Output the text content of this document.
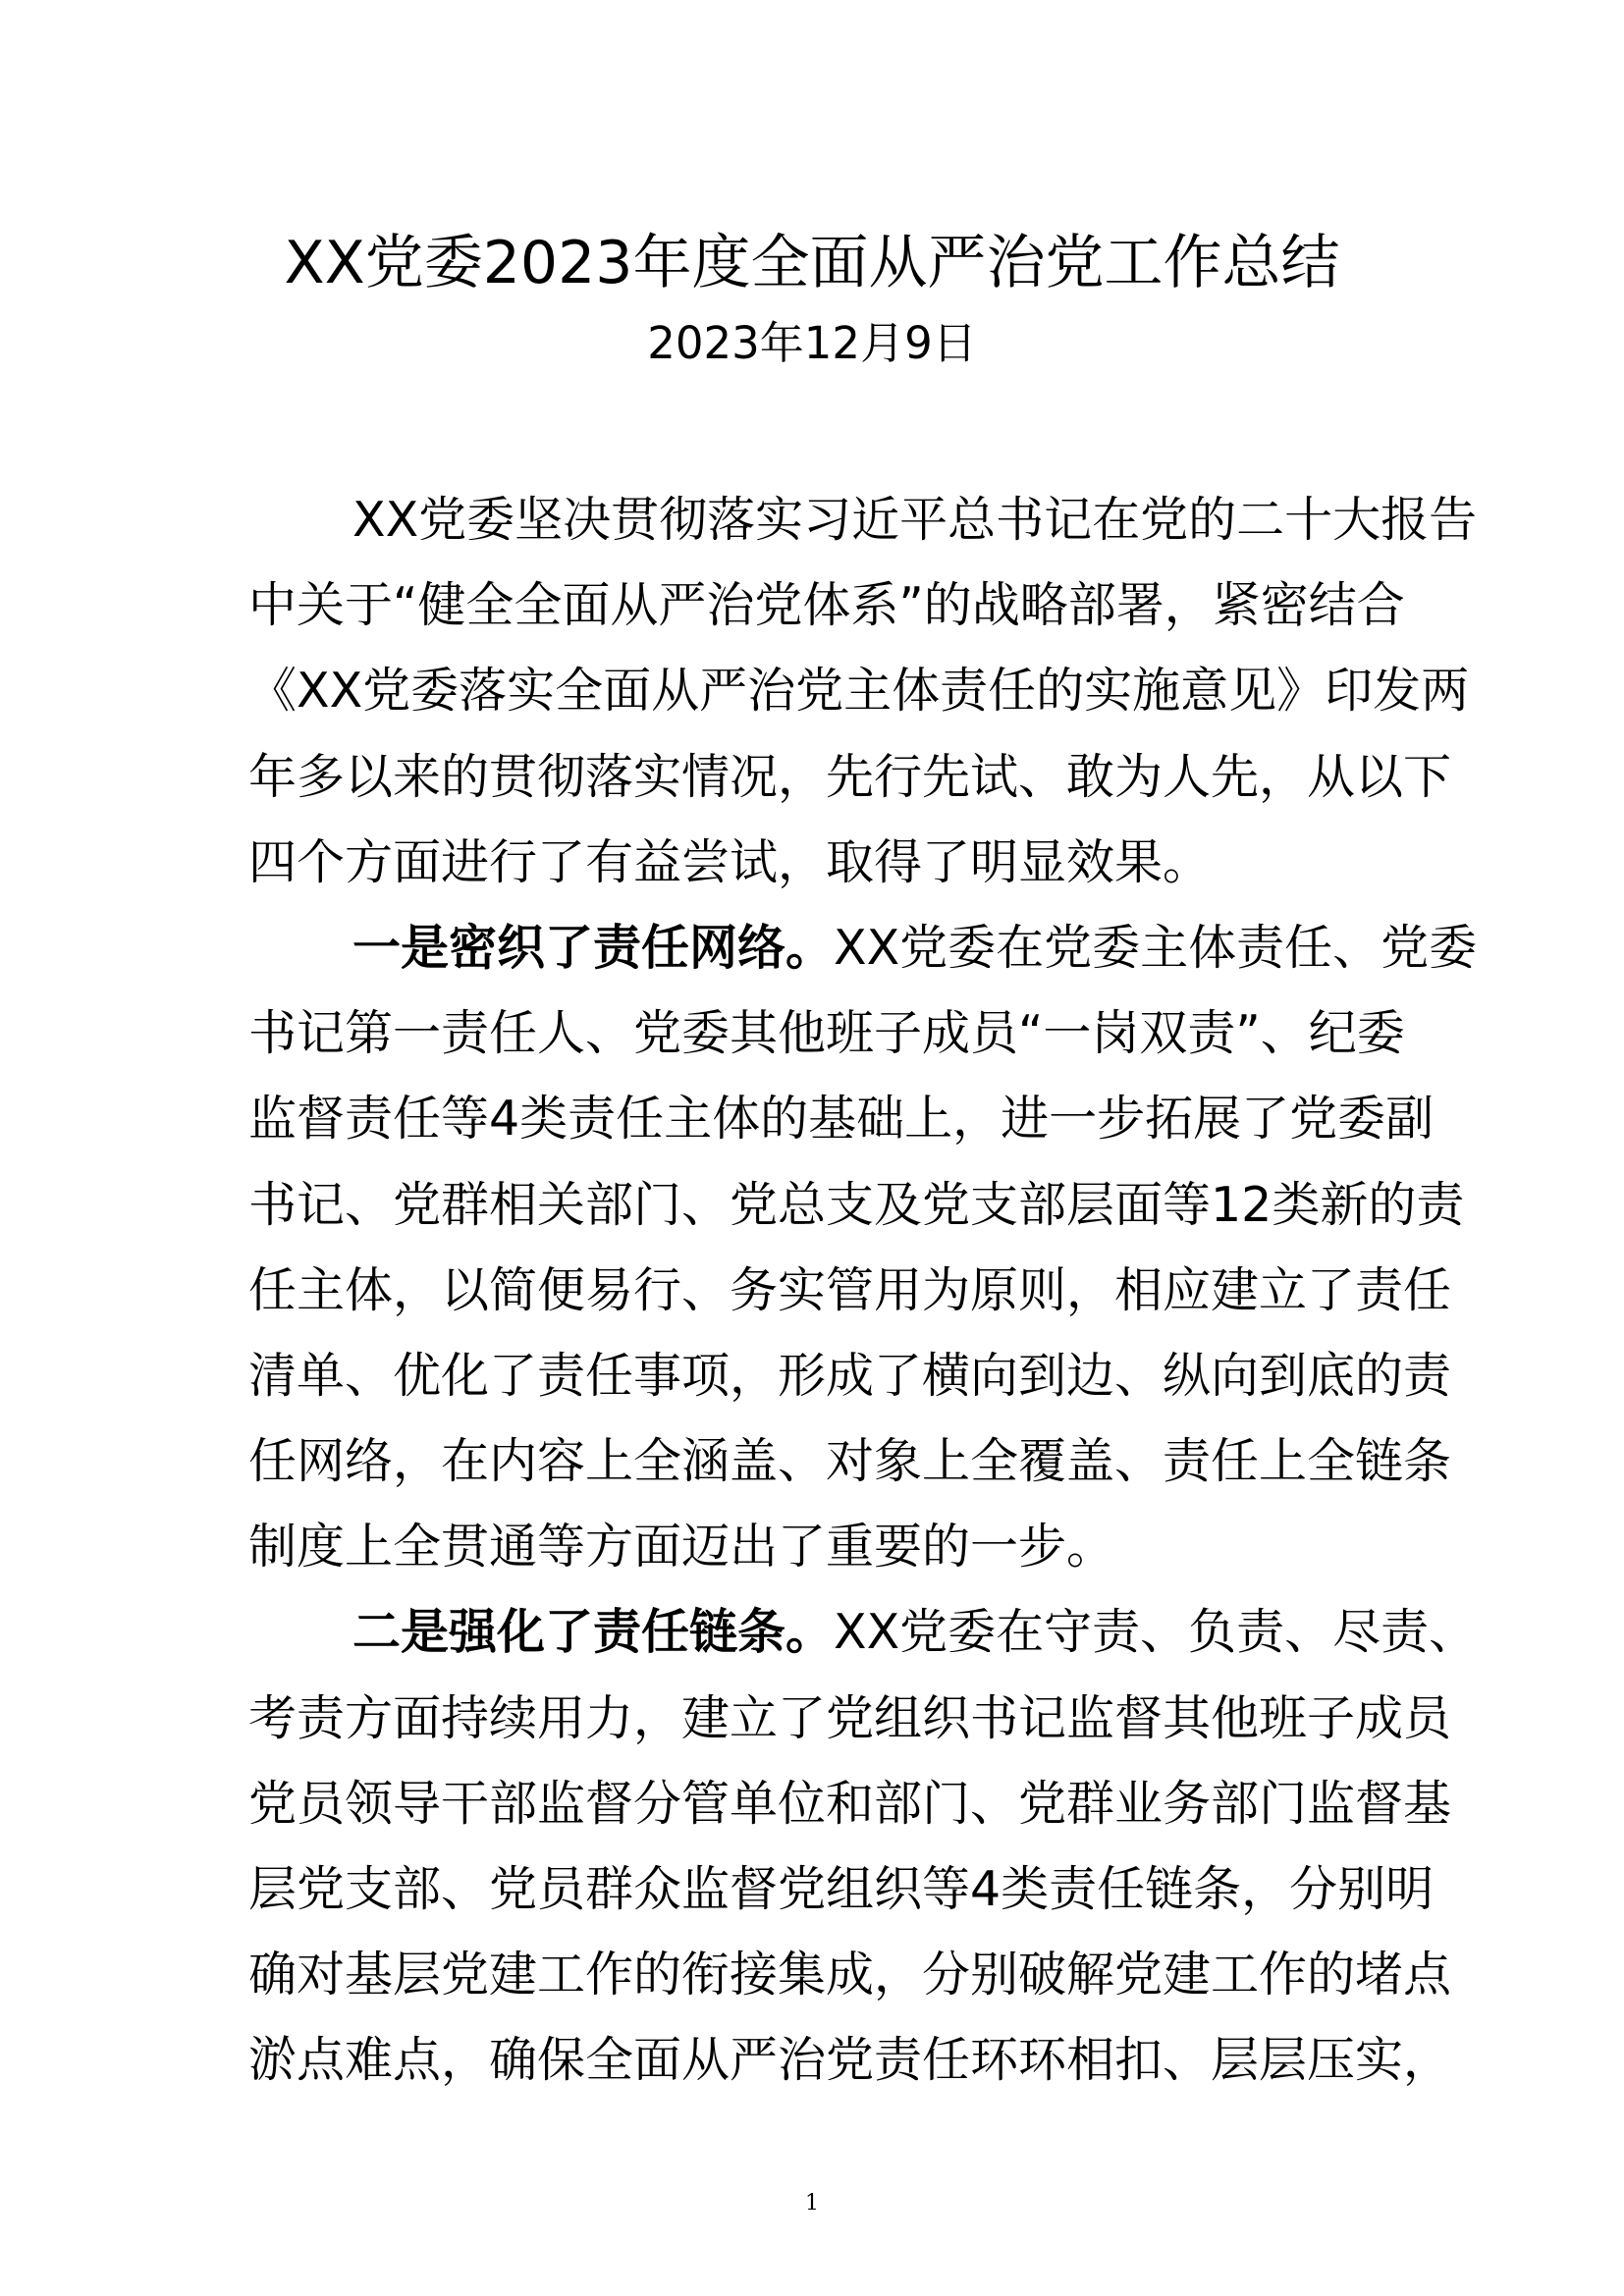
XX党委2023年度全面从严治党工作总结
2023年12月9日
XX党委坚决贯彻落实习近平总书记在党的二十大报告
中关于“健全全面从严治党体系”的战略部署，紧密结合
《XX党委落实全面从严治党主体责任的实施意见》印发两
年多以来的贯彻落实情况，先行先试、敢为人先，从以下
四个方面进行了有益尝试，取得了明显效果。
一是密织了责任网络。XX党委在党委主体责任、党委
书记第一责任人、党委其他班子成员“一岗双责”、纪委
监督责任等4类责任主体的基础上，进一步拓展了党委副
书记、党群相关部门、党总支及党支部层面等12类新的责
任主体，以简便易行、务实管用为原则，相应建立了责任
清单、优化了责任事项，形成了横向到边、纵向到底的责
任网络，在内容上全涵盖、对象上全覆盖、责任上全链条
制度上全贯通等方面迈出了重要的一步。
二是强化了责任链条。XX党委在守责、负责、尽责、
考责方面持续用力，建立了党组织书记监督其他班子成员
党员领导干部监督分管单位和部门、党群业务部门监督基
层党支部、党员群众监督党组织等4类责任链条，分别明
确对基层党建工作的衔接集成，分别破解党建工作的堵点
淤点难点，确保全面从严治党责任环环相扣、层层压实，
1
